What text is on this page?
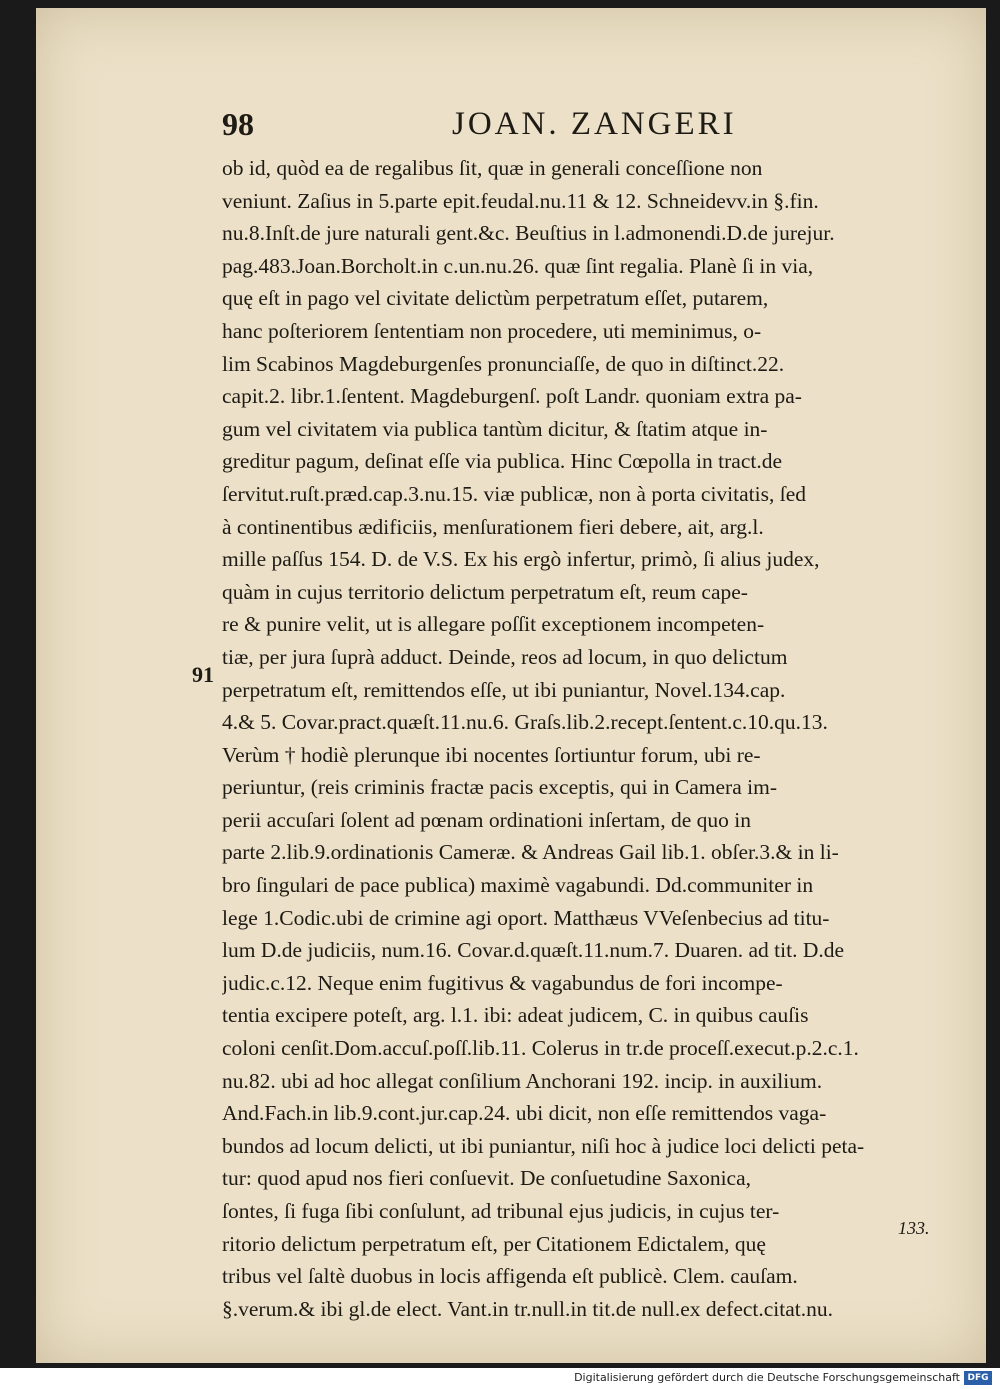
98	JOAN. ZANGERI
91
ob id, quòd ea de regalibus ſit, quæ in generali conceſſione non
veniunt. Zaſius in 5.parte epit.feudal.nu.11 & 12. Schneidevv.in §.fin.
nu.8.Inſt.de jure naturali gent.&c. Beuſtius in l.admonendi.D.de jurejur.
pag.483.Joan.Borcholt.in c.un.nu.26. quæ ſint regalia. Planè ſi in via,
quę eſt in pago vel civitate delictùm perpetratum eſſet, putarem,
hanc poſteriorem ſententiam non procedere, uti meminimus, o-
lim Scabinos Magdeburgenſes pronunciaſſe, de quo in diſtinct.22.
capit.2. libr.1.ſentent. Magdeburgenſ. poſt Landr. quoniam extra pa-
gum vel civitatem via publica tantùm dicitur, & ſtatim atque in-
greditur pagum, deſinat eſſe via publica. Hinc Cœpolla in tract.de
ſervitut.ruſt.præd.cap.3.nu.15. viæ publicæ, non à porta civitatis, ſed
à continentibus ædificiis, menſurationem fieri debere, ait, arg.l.
mille paſſus 154. D. de V.S. Ex his ergò infertur, primò, ſi alius judex,
quàm in cujus territorio delictum perpetratum eſt, reum cape-
re & punire velit, ut is allegare poſſit exceptionem incompeten-
tiæ, per jura ſuprà adduct. Deinde, reos ad locum, in quo delictum
perpetratum eſt, remittendos eſſe, ut ibi puniantur, Novel.134.cap.
4.& 5. Covar.pract.quæſt.11.nu.6. Graſs.lib.2.recept.ſentent.c.10.qu.13.
Verùm † hodiè plerunque ibi nocentes ſortiuntur forum, ubi re-
periuntur, (reis criminis fractæ pacis exceptis, qui in Camera im-
perii accuſari ſolent ad pœnam ordinationi inſertam, de quo in
parte 2.lib.9.ordinationis Cameræ. & Andreas Gail lib.1. obſer.3.& in li-
bro ſingulari de pace publica) maximè vagabundi. Dd.communiter in
lege 1.Codic.ubi de crimine agi oport. Matthæus VVeſenbecius ad titu-
lum D.de judiciis, num.16. Covar.d.quæſt.11.num.7. Duaren. ad tit. D.de
judic.c.12. Neque enim fugitivus & vagabundus de fori incompe-
tentia excipere poteſt, arg. l.1. ibi: adeat judicem, C. in quibus cauſis
coloni cenſit.Dom.accuſ.poſſ.lib.11. Colerus in tr.de proceſſ.execut.p.2.c.1.
nu.82. ubi ad hoc allegat conſilium Anchorani 192. incip. in auxilium.
And.Fach.in lib.9.cont.jur.cap.24. ubi dicit, non eſſe remittendos vaga-
bundos ad locum delicti, ut ibi puniantur, niſi hoc à judice loci delicti peta-
tur: quod apud nos fieri conſuevit. De conſuetudine Saxonica,
ſontes, ſi fuga ſibi conſulunt, ad tribunal ejus judicis, in cujus ter-
ritorio delictum perpetratum eſt, per Citationem Edictalem, quę
tribus vel ſaltè duobus in locis affigenda eſt publicè. Clem. cauſam.
§.verum.& ibi gl.de elect. Vant.in tr.null.in tit.de null.ex defect.citat.nu.
133.
Digitalisierung gefördert durch die Deutsche Forschungsgemeinschaft DFG
